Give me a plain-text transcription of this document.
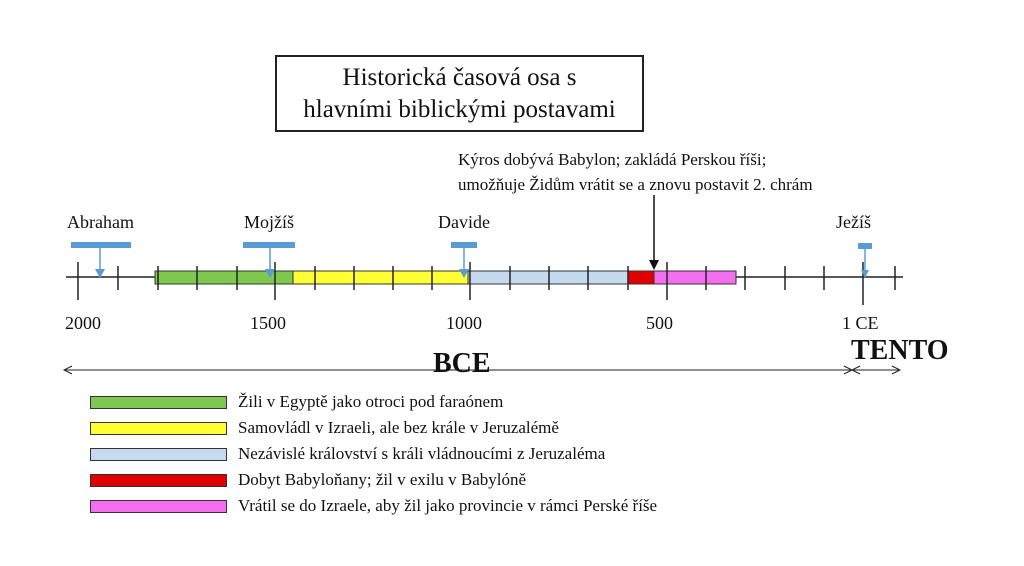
Historická časová osa s
hlavními biblickými postavami
Kýros dobývá Babylon; zakládá Perskou říši;
umožňuje Židům vrátit se a znovu postavit 2. chrám
Abraham	Mojžíš	Davide	Ježíš
2000	1500	1000	500	1 CE
BCE	TENTO
Žili v Egyptě jako otroci pod faraónem
Samovládl v Izraeli, ale bez krále v Jeruzalémě
Nezávislé království s králi vládnoucími z Jeruzaléma
Dobyt Babyloňany; žil v exilu v Babylóně
Vrátil se do Izraele, aby žil jako provincie v rámci Perské říše
